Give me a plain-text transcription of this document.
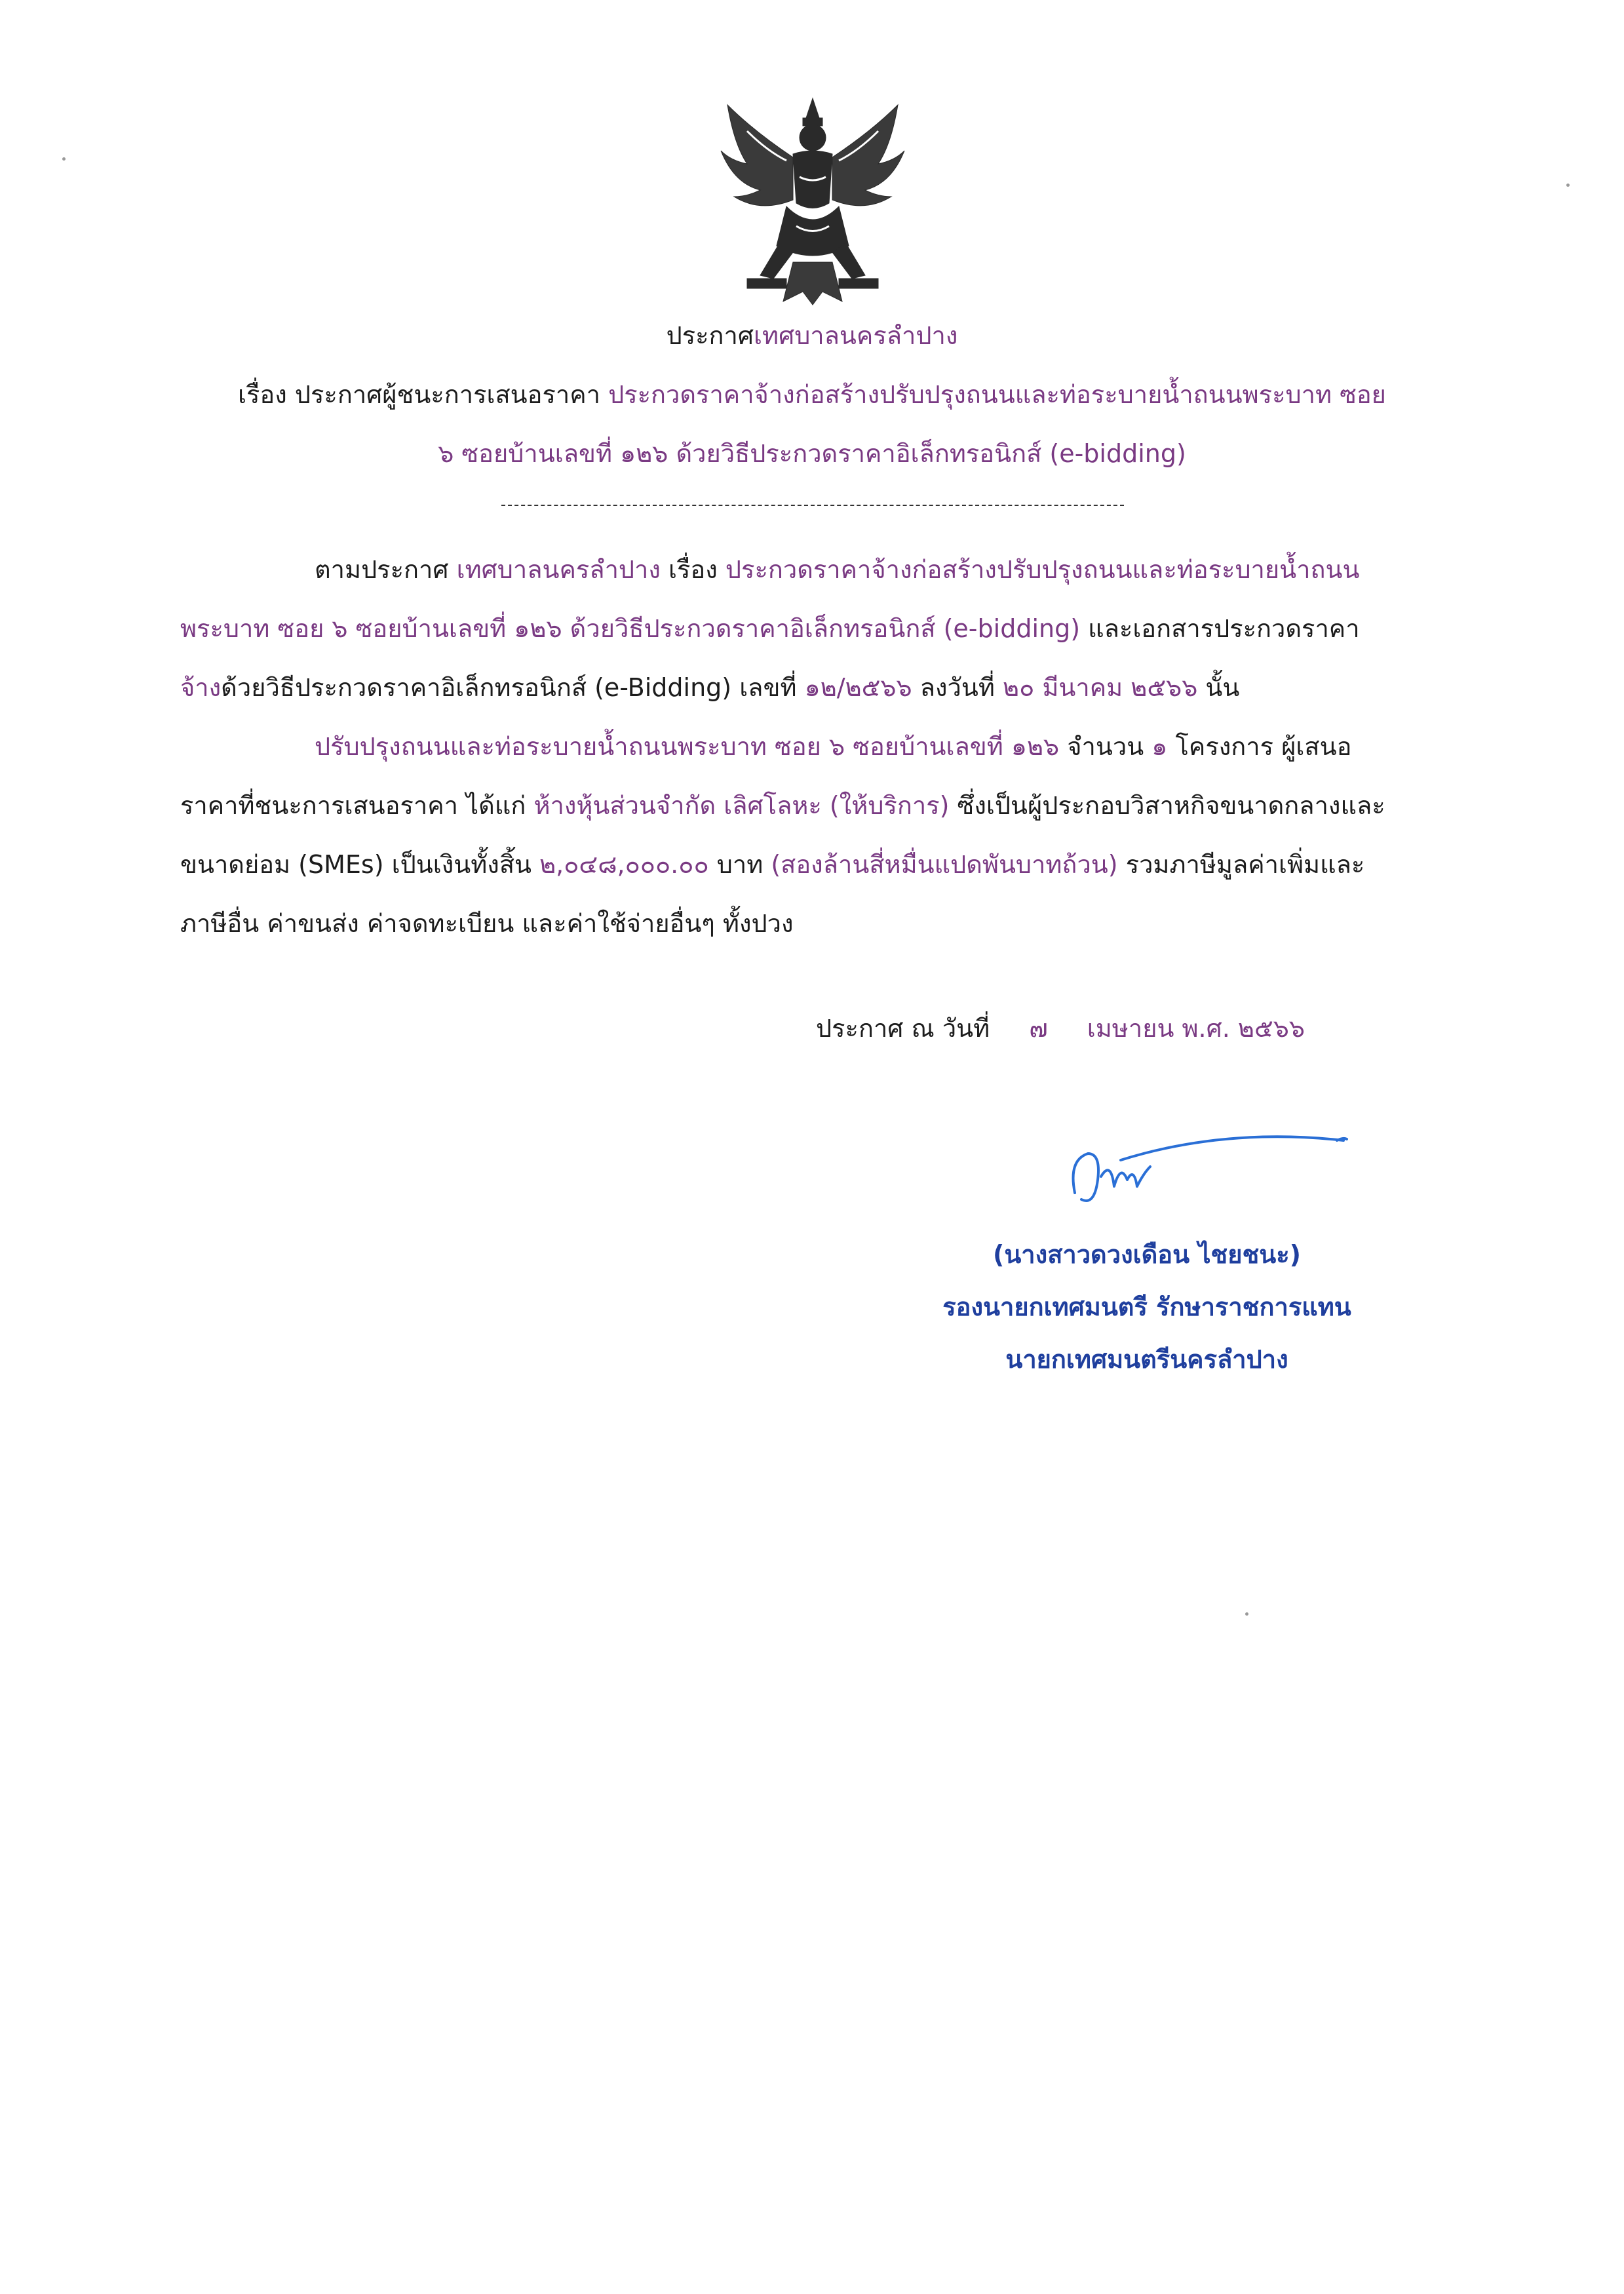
ประกาศเทศบาลนครลำปาง
เรื่อง ประกาศผู้ชนะการเสนอราคา ประกวดราคาจ้างก่อสร้างปรับปรุงถนนและท่อระบายน้ำถนนพระบาท ซอย
๖ ซอยบ้านเลขที่ ๑๒๖ ด้วยวิธีประกวดราคาอิเล็กทรอนิกส์ (e-bidding)
ตามประกาศ เทศบาลนครลำปาง เรื่อง ประกวดราคาจ้างก่อสร้างปรับปรุงถนนและท่อระบายน้ำถนน
พระบาท ซอย ๖ ซอยบ้านเลขที่ ๑๒๖ ด้วยวิธีประกวดราคาอิเล็กทรอนิกส์ (e-bidding) และเอกสารประกวดราคา
จ้างด้วยวิธีประกวดราคาอิเล็กทรอนิกส์ (e-Bidding) เลขที่ ๑๒/๒๕๖๖ ลงวันที่ ๒๐ มีนาคม ๒๕๖๖ นั้น
ปรับปรุงถนนและท่อระบายน้ำถนนพระบาท ซอย ๖ ซอยบ้านเลขที่ ๑๒๖ จำนวน ๑ โครงการ ผู้เสนอ
ราคาที่ชนะการเสนอราคา ได้แก่ ห้างหุ้นส่วนจำกัด เลิศโลหะ (ให้บริการ) ซึ่งเป็นผู้ประกอบวิสาหกิจขนาดกลางและ
ขนาดย่อม (SMEs) เป็นเงินทั้งสิ้น ๒,๐๔๘,๐๐๐.๐๐ บาท (สองล้านสี่หมื่นแปดพันบาทถ้วน) รวมภาษีมูลค่าเพิ่มและ
ภาษีอื่น ค่าขนส่ง ค่าจดทะเบียน และค่าใช้จ่ายอื่นๆ ทั้งปวง
ประกาศ ณ วันที่ ๗ เมษายน พ.ศ. ๒๕๖๖
(นางสาวดวงเดือน ไชยชนะ)
รองนายกเทศมนตรี รักษาราชการแทน
นายกเทศมนตรีนครลำปาง
